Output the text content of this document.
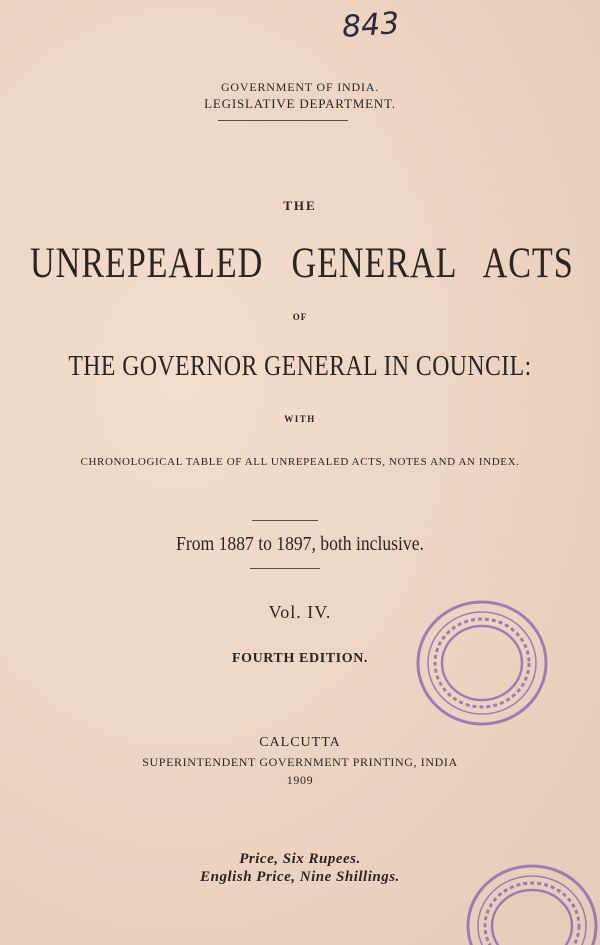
843
GOVERNMENT OF INDIA.
LEGISLATIVE DEPARTMENT.
THE
UNREPEALED   GENERAL   ACTS
OF
THE GOVERNOR GENERAL IN COUNCIL:
WITH
CHRONOLOGICAL TABLE OF ALL UNREPEALED ACTS, NOTES AND AN INDEX.
From 1887 to 1897, both inclusive.
Vol. IV.
FOURTH EDITION.
CALCUTTA
SUPERINTENDENT GOVERNMENT PRINTING, INDIA
1909
Price, Six Rupees.
English Price, Nine Shillings.
